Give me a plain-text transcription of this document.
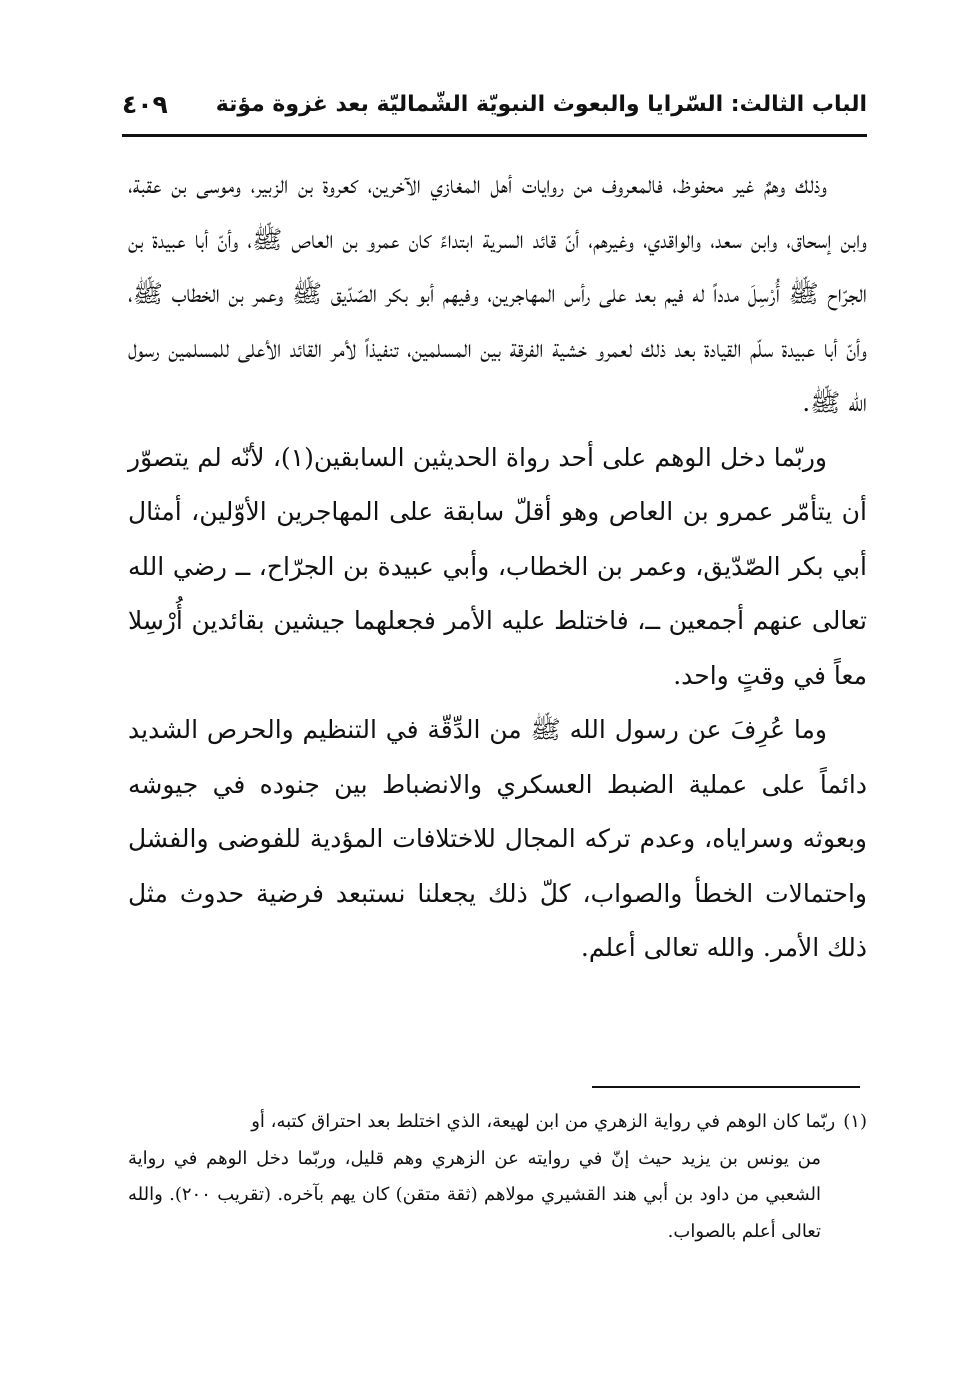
الباب الثالث: السّرايا والبعوث النبويّة الشّماليّة بعد غزوة مؤتة
٤٠٩

وذلك وهمٌ غير محفوظ، فالمعروف من روايات أهل المغازي الآخرين، كعروة بن الزبير، وموسى بن عقبة، وابن إسحاق، وابن سعد، والواقدي، وغيرهم، أنّ قائد السرية ابتداءً كان عمرو بن العاص ﷺ، وأنّ أبا عبيدة بن الجرّاح ﷺ أُرْسِلَ مدداً له فيم بعد على رأس المهاجرين، وفيهم أبو بكر الصّدّيق ﷺ وعمر بن الخطاب ﷺ، وأنّ أبا عبيدة سلّم القيادة بعد ذلك لعمرو خشية الفرقة بين المسلمين، تنفيذاً لأمر القائد الأعلى للمسلمين رسول الله ﷺ.

وربّما دخل الوهم على أحد رواة الحديثين السابقين(١)، لأنّه لم يتصوّر أن يتأمّر عمرو بن العاص وهو أقلّ سابقة على المهاجرين الأوّلين، أمثال أبي بكر الصّدّيق، وعمر بن الخطاب، وأبي عبيدة بن الجرّاح، ــ رضي الله تعالى عنهم أجمعين ــ، فاختلط عليه الأمر فجعلهما جيشين بقائدين أُرْسِلا معاً في وقتٍ واحد.

وما عُرِفَ عن رسول الله ﷺ من الدِّقّة في التنظيم والحرص الشديد دائماً على عملية الضبط العسكري والانضباط بين جنوده في جيوشه وبعوثه وسراياه، وعدم تركه المجال للاختلافات المؤدية للفوضى والفشل واحتمالات الخطأ والصواب، كلّ ذلك يجعلنا نستبعد فرضية حدوث مثل ذلك الأمر. والله تعالى أعلم.

(١)ربّما كان الوهم في رواية الزهري من ابن لهيعة، الذي اختلط بعد احتراق كتبه، أو
من يونس بن يزيد حيث إنّ في روايته عن الزهري وهم قليل، وربّما دخل الوهم في رواية الشعبي من داود بن أبي هند القشيري مولاهم (ثقة متقن) كان يهم بآخره. (تقريب ٢٠٠). والله تعالى أعلم بالصواب.
